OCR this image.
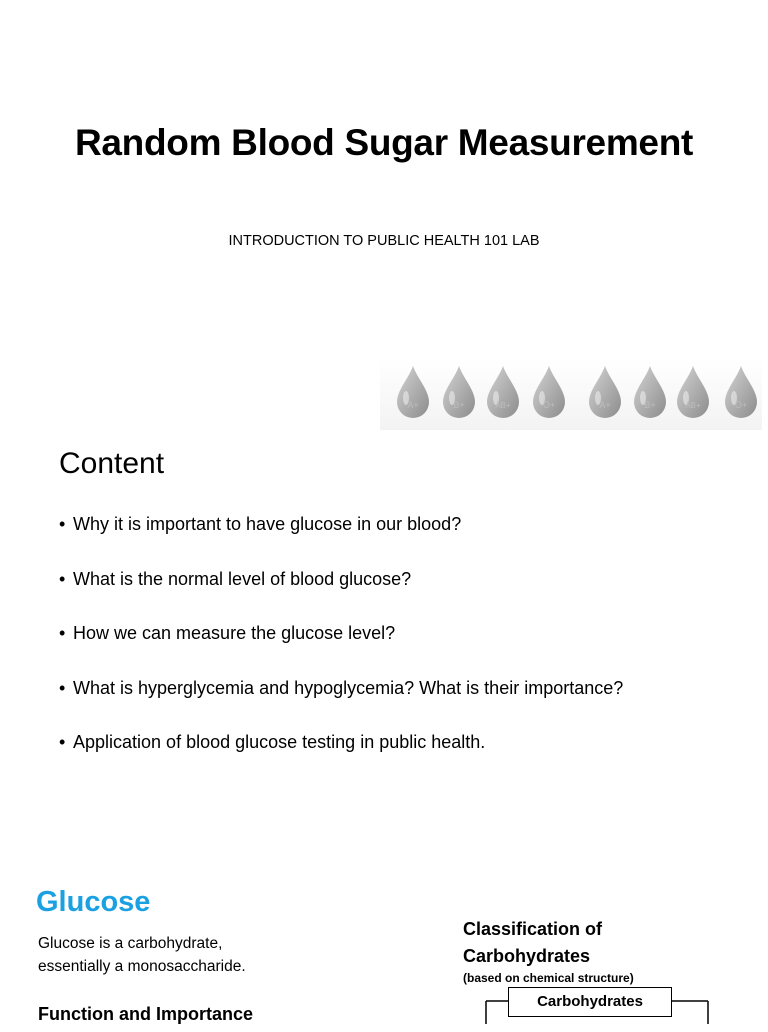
Random Blood Sugar Measurement
INTRODUCTION TO PUBLIC HEALTH 101 LAB
A+	B+	AB+	O+	A+	B+	AB+	O+
Content
• Why it is important to have glucose in our blood?
• What is the normal level of blood glucose?
• How we can measure the glucose level?
• What is hyperglycemia and hypoglycemia? What is their importance?
• Application of blood glucose testing in public health.
Glucose
Glucose is a carbohydrate, essentially a monosaccharide.
Function and Importance
Classification of Carbohydrates
(based on chemical structure)
Carbohydrates
